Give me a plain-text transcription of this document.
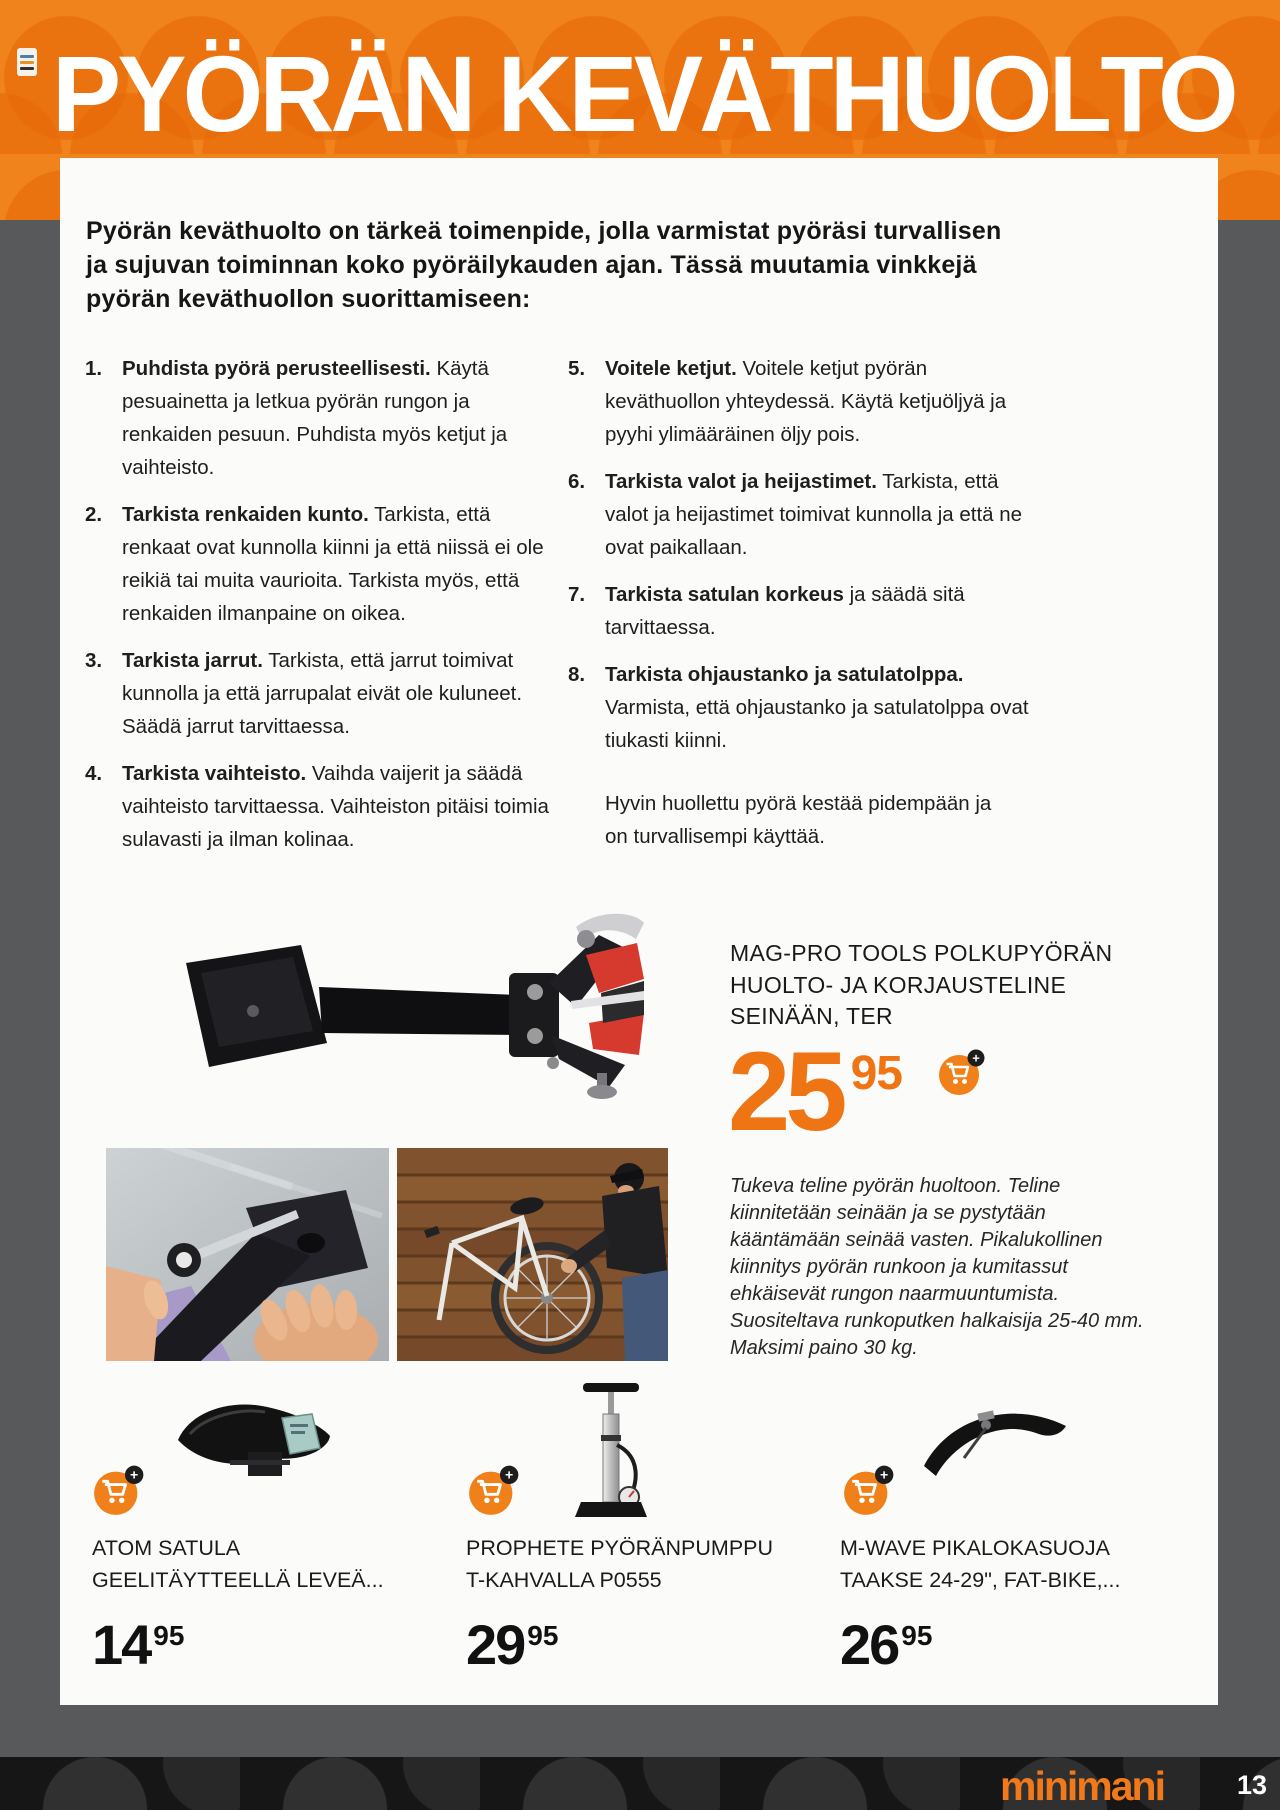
PYÖRÄN KEVÄTHUOLTO
Pyörän keväthuolto on tärkeä toimenpide, jolla varmistat pyöräsi turvallisen
ja sujuvan toiminnan koko pyöräilykauden ajan. Tässä muutamia vinkkejä
pyörän keväthuollon suorittamiseen:
1. Puhdista pyörä perusteellisesti. Käytä pesuainetta ja letkua pyörän rungon ja renkaiden pesuun. Puhdista myös ketjut ja vaihteisto.
2. Tarkista renkaiden kunto. Tarkista, että renkaat ovat kunnolla kiinni ja että niissä ei ole reikiä tai muita vaurioita. Tarkista myös, että renkaiden ilmanpaine on oikea.
3. Tarkista jarrut. Tarkista, että jarrut toimivat kunnolla ja että jarrupalat eivät ole kuluneet. Säädä jarrut tarvittaessa.
4. Tarkista vaihteisto. Vaihda vaijerit ja säädä vaihteisto tarvittaessa. Vaihteiston pitäisi toimia sulavasti ja ilman kolinaa.
5. Voitele ketjut. Voitele ketjut pyörän keväthuollon yhteydessä. Käytä ketjuöljyä ja pyyhi ylimääräinen öljy pois.
6. Tarkista valot ja heijastimet. Tarkista, että valot ja heijastimet toimivat kunnolla ja että ne ovat paikallaan.
7. Tarkista satulan korkeus ja säädä sitä tarvittaessa.
8. Tarkista ohjaustanko ja satulatolppa. Varmista, että ohjaustanko ja satulatolppa ovat tiukasti kiinni.
Hyvin huollettu pyörä kestää pidempään ja on turvallisempi käyttää.
MAG-PRO TOOLS POLKUPYÖRÄN
HUOLTO- JA KORJAUSTELINE
SEINÄÄN, TER
25 95	+
Tukeva teline pyörän huoltoon. Teline kiinnitetään seinään ja se pystytään kääntämään seinää vasten. Pikalukollinen kiinnitys pyörän runkoon ja kumitassut ehkäisevät rungon naarmuuntumista. Suositeltava runkoputken halkaisija 25-40 mm. Maksimi paino 30 kg.
+	+	+
ATOM SATULA
GEELITÄYTTEELLÄ LEVEÄ...
PROPHETE PYÖRÄNPUMPPU
T-KAHVALLA P0555
M-WAVE PIKALOKASUOJA
TAAKSE 24-29", FAT-BIKE,...
14 95	29 95	26 95
minimani	13
